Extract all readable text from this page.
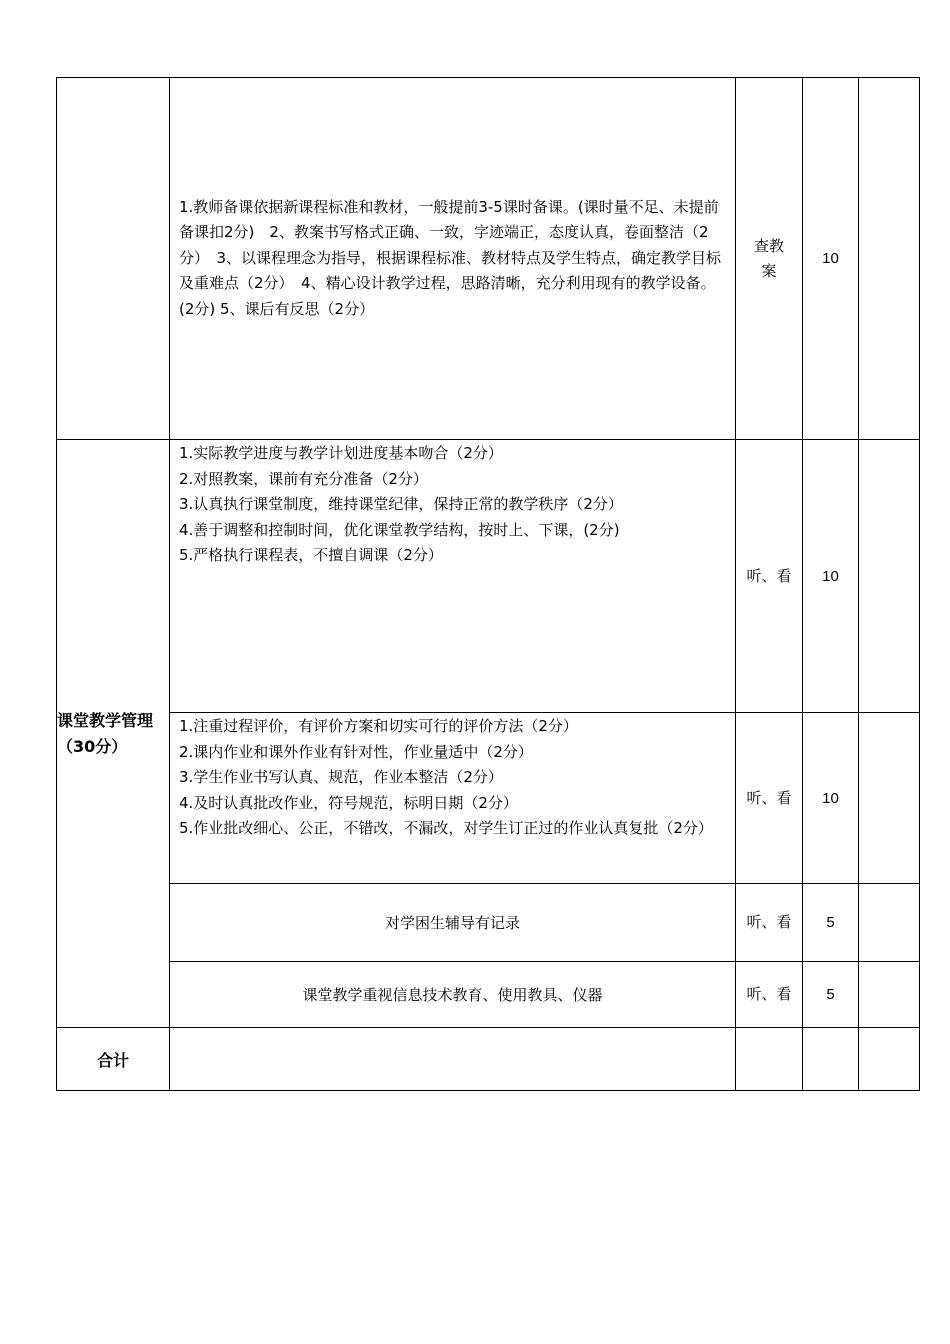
	1.教师备课依据新课程标准和教材，一般提前3-5课时备课。(课时量不足、未提前备课扣2分)　2、教案书写格式正确、一致，字迹端正，态度认真，卷面整洁（2分）　3、以课程理念为指导，根据课程标准、教材特点及学生特点，确定教学目标及重难点（2分）　4、精心设计教学过程，思路清晰，充分利用现有的教学设备。(2分) 5、课后有反思（2分）	查教案	10	

课堂教学管理（30分）	1.实际教学进度与教学计划进度基本吻合（2分）
2.对照教案，课前有充分准备（2分）
3.认真执行课堂制度，维持课堂纪律，保持正常的教学秩序（2分）
4.善于调整和控制时间，优化课堂教学结构，按时上、下课，(2分)
5.严格执行课程表，不擅自调课（2分）	听、看	10	

	1.注重过程评价，有评价方案和切实可行的评价方法（2分）
2.课内作业和课外作业有针对性，作业量适中（2分）
3.学生作业书写认真、规范，作业本整洁（2分）
4.及时认真批改作业，符号规范，标明日期（2分）
5.作业批改细心、公正，不错改，不漏改，对学生订正过的作业认真复批（2分）	听、看	10	
	对学困生辅导有记录	听、看	5	
	课堂教学重视信息技术教育、使用教具、仪器	听、看	5	
合计				
